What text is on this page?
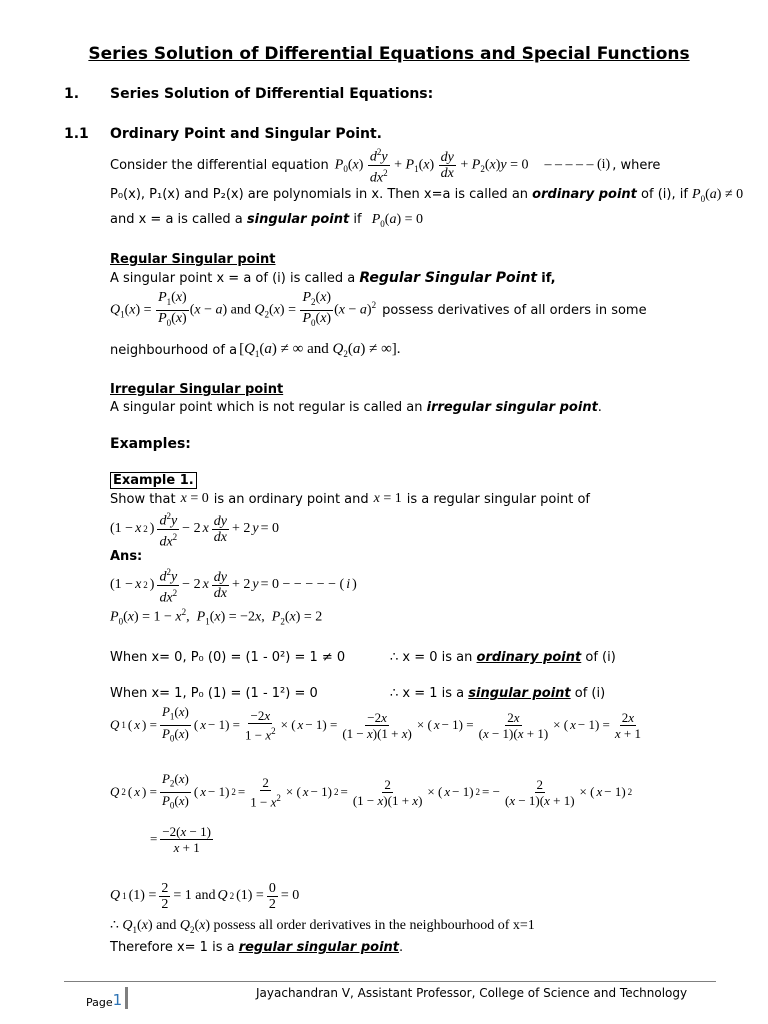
Series Solution of Differential Equations and Special Functions
1. Series Solution of Differential Equations:
1.1 Ordinary Point and Singular Point.
Consider the differential equation $P_0(x) \frac{d^2y}{dx^2} + P_1(x) \frac{dy}{dx} + P_2(x)y = 0$ – – – – – (i) , where
P₀(x), P₁(x) and P₂(x) are polynomials in x. Then x=a is called an ordinary point of (i), if $P_0(a) \ne 0$
and x = a is called a singular point if $P_0(a) = 0$
Regular Singular point
A singular point x = a of (i) is called a Regular Singular Point if,
$Q_1(x) = \frac{P_1(x)}{P_0(x)} (x - a)$ and $Q_2(x) = \frac{P_2(x)}{P_0(x)} (x - a)^2$ possess derivatives of all orders in some
neighbourhood of a [$Q_1(a)$ ≠ ∞ and $Q_2(a)$ ≠ ∞].
Irregular Singular point
A singular point which is not regular is called an irregular singular point.
Examples:
Example 1.
Show that x = 0 is an ordinary point and x = 1 is a regular singular point of
(1 − x 2 ) $\frac{d^2y}{dx^2} - 2$ x $\frac{dy}{dx} + 2$ y = 0
Ans:
(1 − x 2 ) $\frac{d^2y}{dx^2} - 2$ x $\frac{dy}{dx} + 2$ y = 0 − − − − − ( i )
$P_0(x) = 1 - x^2$,  $P_1(x) = -2x$,  $P_2(x) = 2$
When x= 0, P₀ (0) = (1 - 0²) = 1 ≠ 0	∴ x = 0 is an ordinary point of (i)
When x= 1, P₀ (1) = (1 - 1²) = 0	∴ x = 1 is a singular point of (i)
Q 1 ( x ) = $\frac{P_1(x)}{P_0(x)}$ ( $x - 1) = \frac{-2x}{1 - x^2}$ × ( $x - 1) = \frac{-2x}{(1 - x)(1 + x)}$ × ( $x - 1) = \frac{2x}{(x - 1)(x + 1)}$ × ( $x - 1) = \frac{2x}{x + 1}$
Q 2 ( x ) = $\frac{P_2(x)}{P_0(x)}$ ( x − 1) $2 = \frac{2}{1 - x^2}$ × ( x − 1) $2 = \frac{2}{(1 - x)(1 + x)}$ × ( x − 1) 2 = − $\frac{2}{(x - 1)(x + 1)}$ × ( x − 1) 2
= $\frac{-2(x - 1)}{x + 1}$
Q 1 $(1) = \frac{2}{2} = 1$ and Q 2 $(1) = \frac{0}{2} = 0$
∴ $Q_1(x)$ and $Q_2(x)$ possess all order derivatives in the neighbourhood of x=1
Therefore x= 1 is a regular singular point.
Page 1	Jayachandran V, Assistant Professor, College of Science and Technology
